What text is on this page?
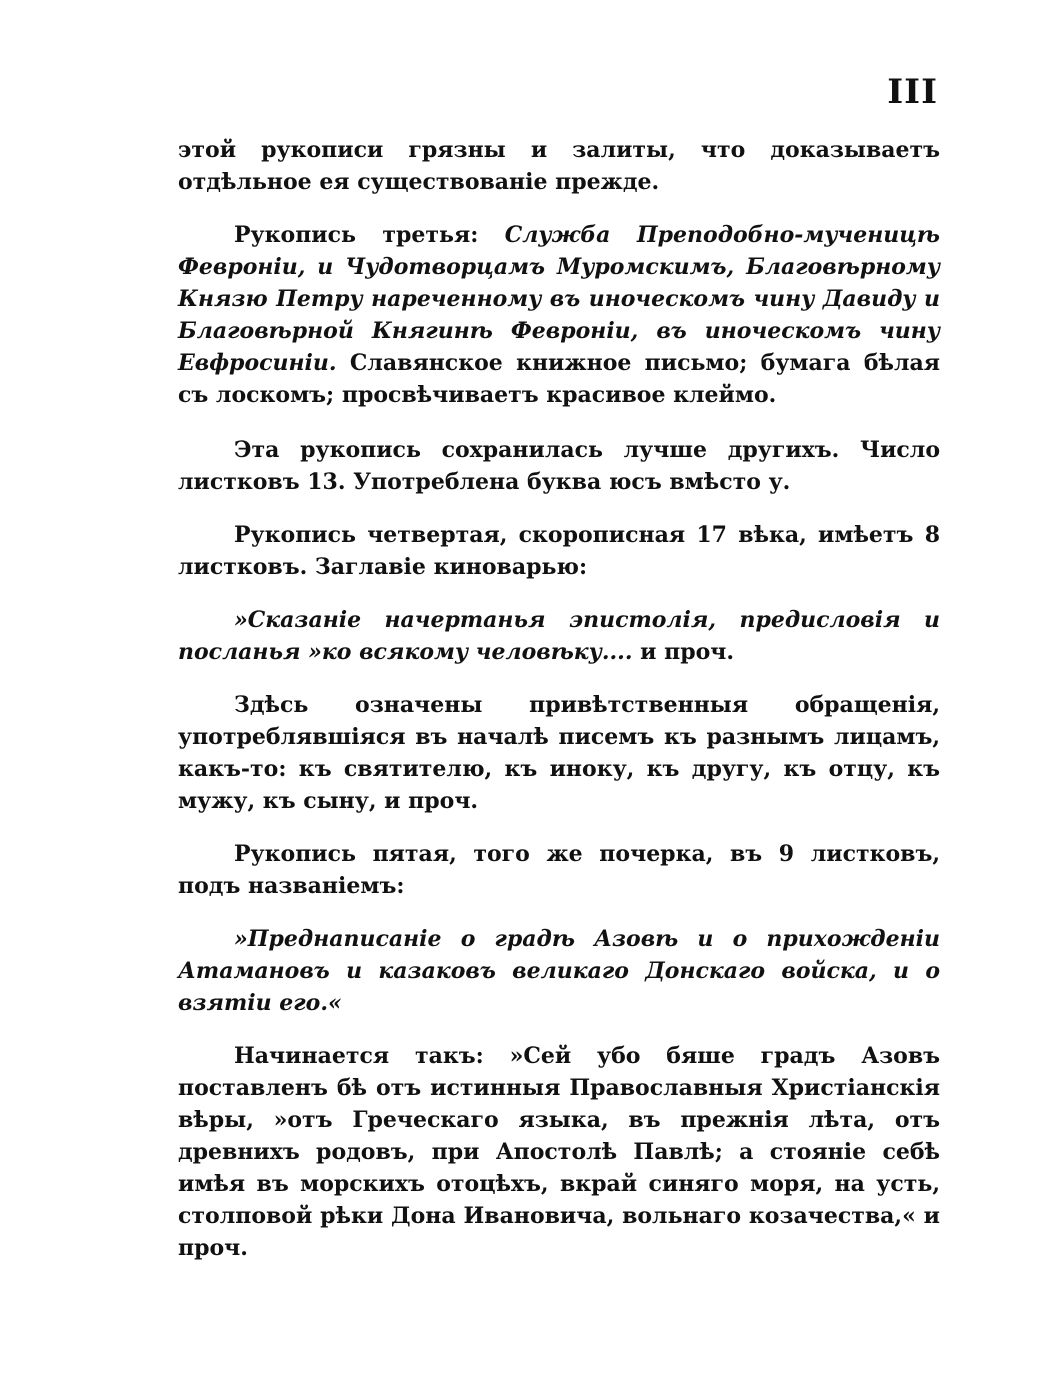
III

этой рукописи грязны и залиты, что доказываетъ отдѣльное ея существованіе прежде.

Рукопись третья: Служба Преподобно-мученицѣ Февроніи, и Чудотворцамъ Муромскимъ, Благовѣрному Князю Петру нареченному въ иноческомъ чину Давиду и Благовѣрной Княгинѣ Февроніи, въ иноческомъ чину Евфросиніи. Славянское книжное письмо; бумага бѣлая съ лоскомъ; просвѣчиваетъ красивое клеймо.

Эта рукопись сохранилась лучше другихъ. Число листковъ 13. Употреблена буква юсъ вмѣсто у.

Рукопись четвертая, скорописная 17 вѣка, имѣетъ 8 листковъ. Заглавіе киноварью:

»Сказаніе начертанья эпистолія, предисловія и посланья »ко всякому человѣку.... и проч.

Здѣсь означены привѣтственныя обращенія, употреблявшіяся въ началѣ писемъ къ разнымъ лицамъ, какъ-то: къ святителю, къ иноку, къ другу, къ отцу, къ мужу, къ сыну, и проч.

Рукопись пятая, того же почерка, въ 9 листковъ, подъ названіемъ:

»Преднаписаніе о градѣ Азовѣ и о прихожденіи Атамановъ и казаковъ великаго Донскаго войска, и о взятіи его.«

Начинается такъ: »Сей убо бяше градъ Азовъ поставленъ бѣ отъ истинныя Православныя Христіанскія вѣры, »отъ Греческаго языка, въ прежнія лѣта, отъ древнихъ родовъ, при Апостолѣ Павлѣ; а стояніе себѣ имѣя въ морскихъ отоцѣхъ, вкрай синяго моря, на усть, столповой рѣки Дона Ивановича, вольнаго козачества,« и проч.
